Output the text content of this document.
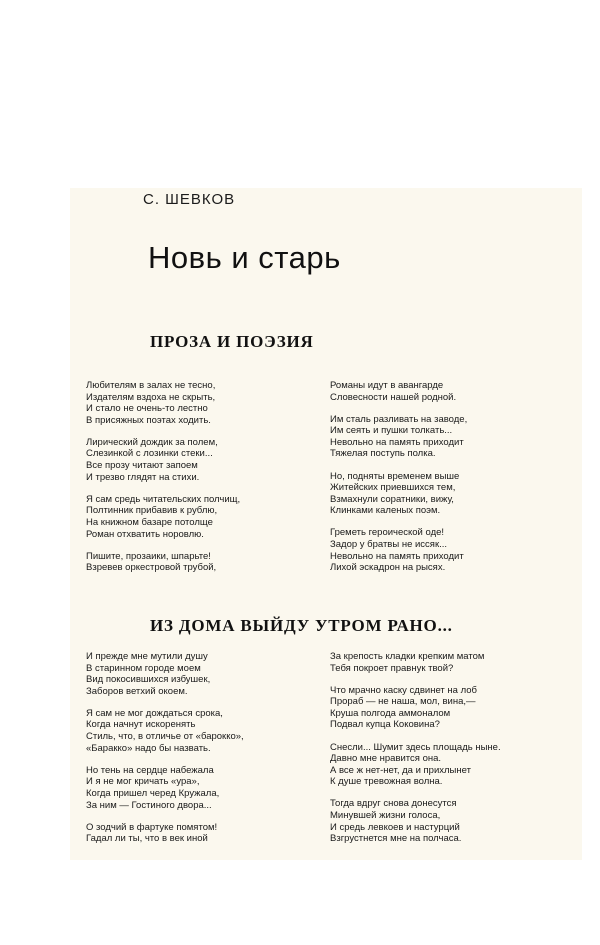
С. ШЕВКОВ
Новь и старь
ПРОЗА И ПОЭЗИЯ
Любителям в залах не тесно,
Издателям вздоха не скрыть,
И стало не очень-то лестно
В присяжных поэтах ходить.
Лирический дождик за полем,
Слезинкой с лозинки стеки...
Все прозу читают запоем
И трезво глядят на стихи.
Я сам средь читательских полчищ,
Полтинник прибавив к рублю,
На книжном базаре потолще
Роман отхватить норовлю.
Пишите, прозаики, шпарьте!
Взревев оркестровой трубой,
Романы идут в авангарде
Словесности нашей родной.
Им сталь разливать на заводе,
Им сеять и пушки толкать...
Невольно на память приходит
Тяжелая поступь полка.
Но, подняты временем выше
Житейских приевшихся тем,
Взмахнули соратники, вижу,
Клинками каленых поэм.
Греметь героической оде!
Задор у братвы не иссяк...
Невольно на память приходит
Лихой эскадрон на рысях.
ИЗ ДОМА ВЫЙДУ УТРОМ РАНО...
И прежде мне мутили душу
В старинном городе моем
Вид покосившихся избушек,
Заборов ветхий окоем.
Я сам не мог дождаться срока,
Когда начнут искоренять
Стиль, что, в отличье от «барокко»,
«Баракко» надо бы назвать.
Но тень на сердце набежала
И я не мог кричать «ура»,
Когда пришел черед Кружала,
За ним — Гостиного двора...
О зодчий в фартуке помятом!
Гадал ли ты, что в век иной
За крепость кладки крепким матом
Тебя покроет правнук твой?
Что мрачно каску сдвинет на лоб
Прораб — не наша, мол, вина,—
Круша полгода аммоналом
Подвал купца Коковина?
Снесли... Шумит здесь площадь ныне.
Давно мне нравится она.
А все ж нет-нет, да и прихлынет
К душе тревожная волна.
Тогда вдруг снова донесутся
Минувшей жизни голоса,
И средь левкоев и настурций
Взгрустнется мне на полчаса.
